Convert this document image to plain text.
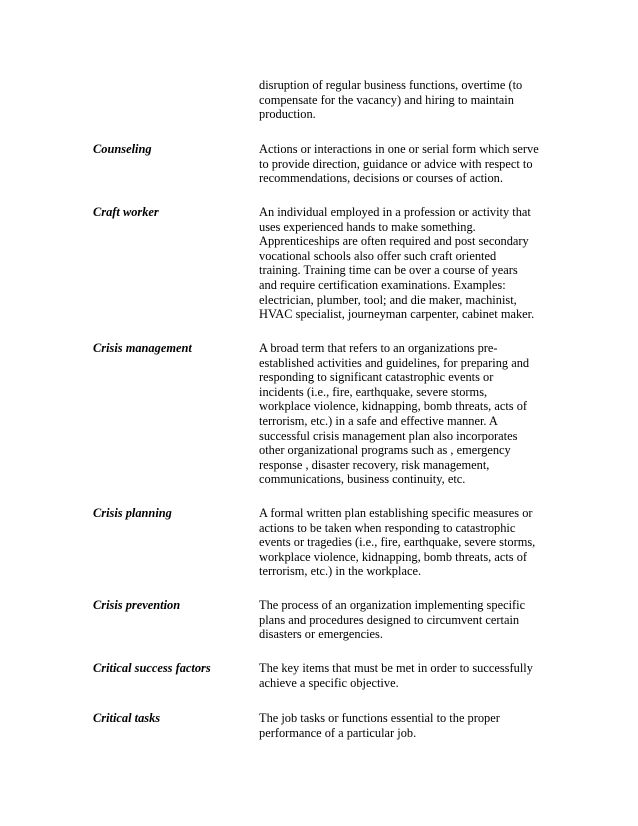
disruption of regular business functions, overtime (to
compensate for the vacancy) and hiring to maintain
production.
Counseling	Actions or interactions in one or serial form which serve
to provide direction, guidance or advice with respect to
recommendations, decisions or courses of action.
Craft worker	An individual employed in a profession or activity that
uses experienced hands to make something.
Apprenticeships are often required and post secondary
vocational schools also offer such craft oriented
training. Training time can be over a course of years
and require certification examinations. Examples:
electrician, plumber, tool; and die maker, machinist,
HVAC specialist, journeyman carpenter, cabinet maker.
Crisis management	A broad term that refers to an organizations pre-
established activities and guidelines, for preparing and
responding to significant catastrophic events or
incidents (i.e., fire, earthquake, severe storms,
workplace violence, kidnapping, bomb threats, acts of
terrorism, etc.) in a safe and effective manner. A
successful crisis management plan also incorporates
other organizational programs such as , emergency
response , disaster recovery, risk management,
communications, business continuity, etc.
Crisis planning	A formal written plan establishing specific measures or
actions to be taken when responding to catastrophic
events or tragedies (i.e., fire, earthquake, severe storms,
workplace violence, kidnapping, bomb threats, acts of
terrorism, etc.) in the workplace.
Crisis prevention	The process of an organization implementing specific
plans and procedures designed to circumvent certain
disasters or emergencies.
Critical success factors	The key items that must be met in order to successfully
achieve a specific objective.
Critical tasks	The job tasks or functions essential to the proper
performance of a particular job.
